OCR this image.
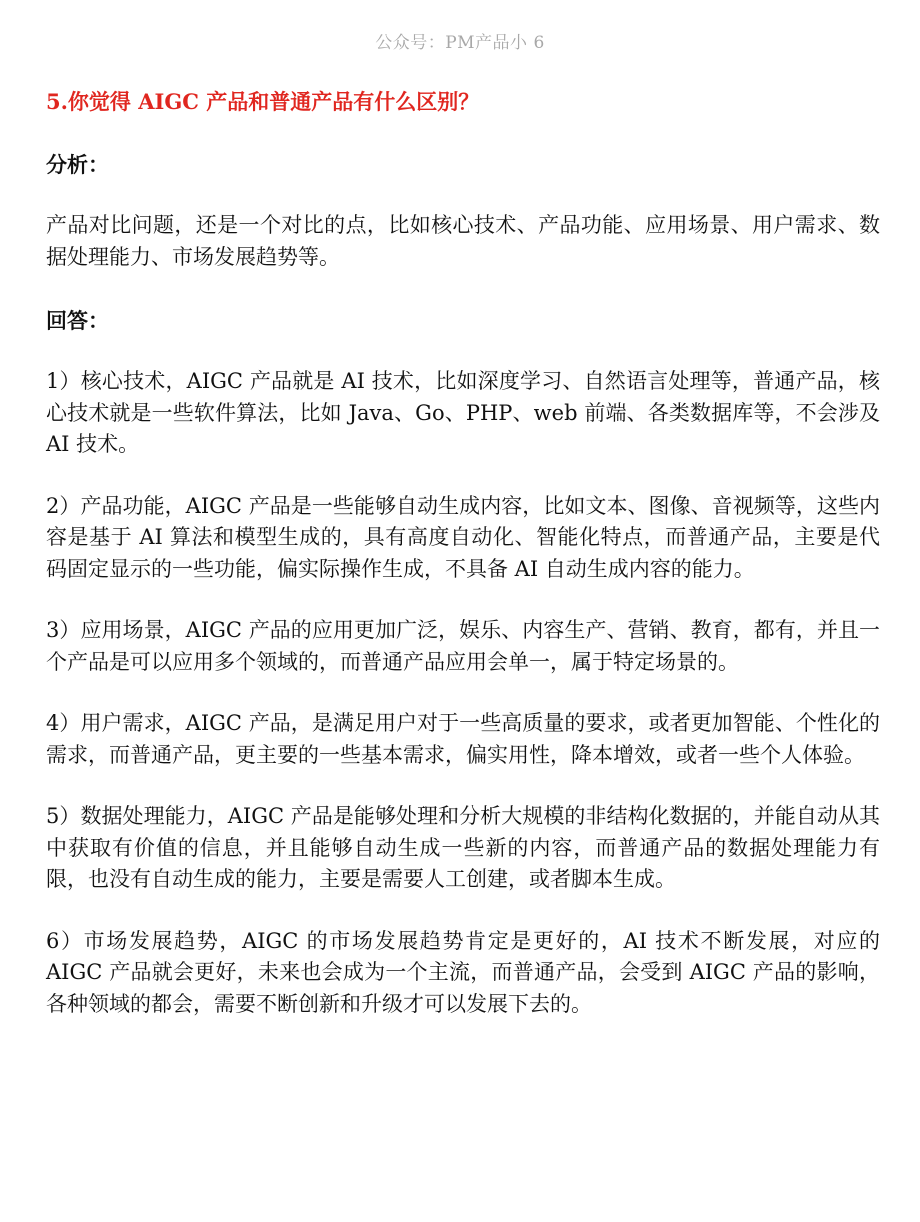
公众号：PM产品小 6

5.你觉得 AIGC 产品和普通产品有什么区别？

分析：

产品对比问题，还是一个对比的点，比如核心技术、产品功能、应用场景、用户需求、数据处理能力、市场发展趋势等。

回答：

1）核心技术，AIGC 产品就是 AI 技术，比如深度学习、自然语言处理等，普通产品，核心技术就是一些软件算法，比如 Java、Go、PHP、web 前端、各类数据库等，不会涉及 AI 技术。

2）产品功能，AIGC 产品是一些能够自动生成内容，比如文本、图像、音视频等，这些内容是基于 AI 算法和模型生成的，具有高度自动化、智能化特点，而普通产品，主要是代码固定显示的一些功能，偏实际操作生成，不具备 AI 自动生成内容的能力。

3）应用场景，AIGC 产品的应用更加广泛，娱乐、内容生产、营销、教育，都有，并且一个产品是可以应用多个领域的，而普通产品应用会单一，属于特定场景的。

4）用户需求，AIGC 产品，是满足用户对于一些高质量的要求，或者更加智能、个性化的需求，而普通产品，更主要的一些基本需求，偏实用性，降本增效，或者一些个人体验。

5）数据处理能力，AIGC 产品是能够处理和分析大规模的非结构化数据的，并能自动从其中获取有价值的信息，并且能够自动生成一些新的内容，而普通产品的数据处理能力有限，也没有自动生成的能力，主要是需要人工创建，或者脚本生成。

6）市场发展趋势，AIGC 的市场发展趋势肯定是更好的，AI 技术不断发展，对应的 AIGC 产品就会更好，未来也会成为一个主流，而普通产品，会受到 AIGC 产品的影响，各种领域的都会，需要不断创新和升级才可以发展下去的。
